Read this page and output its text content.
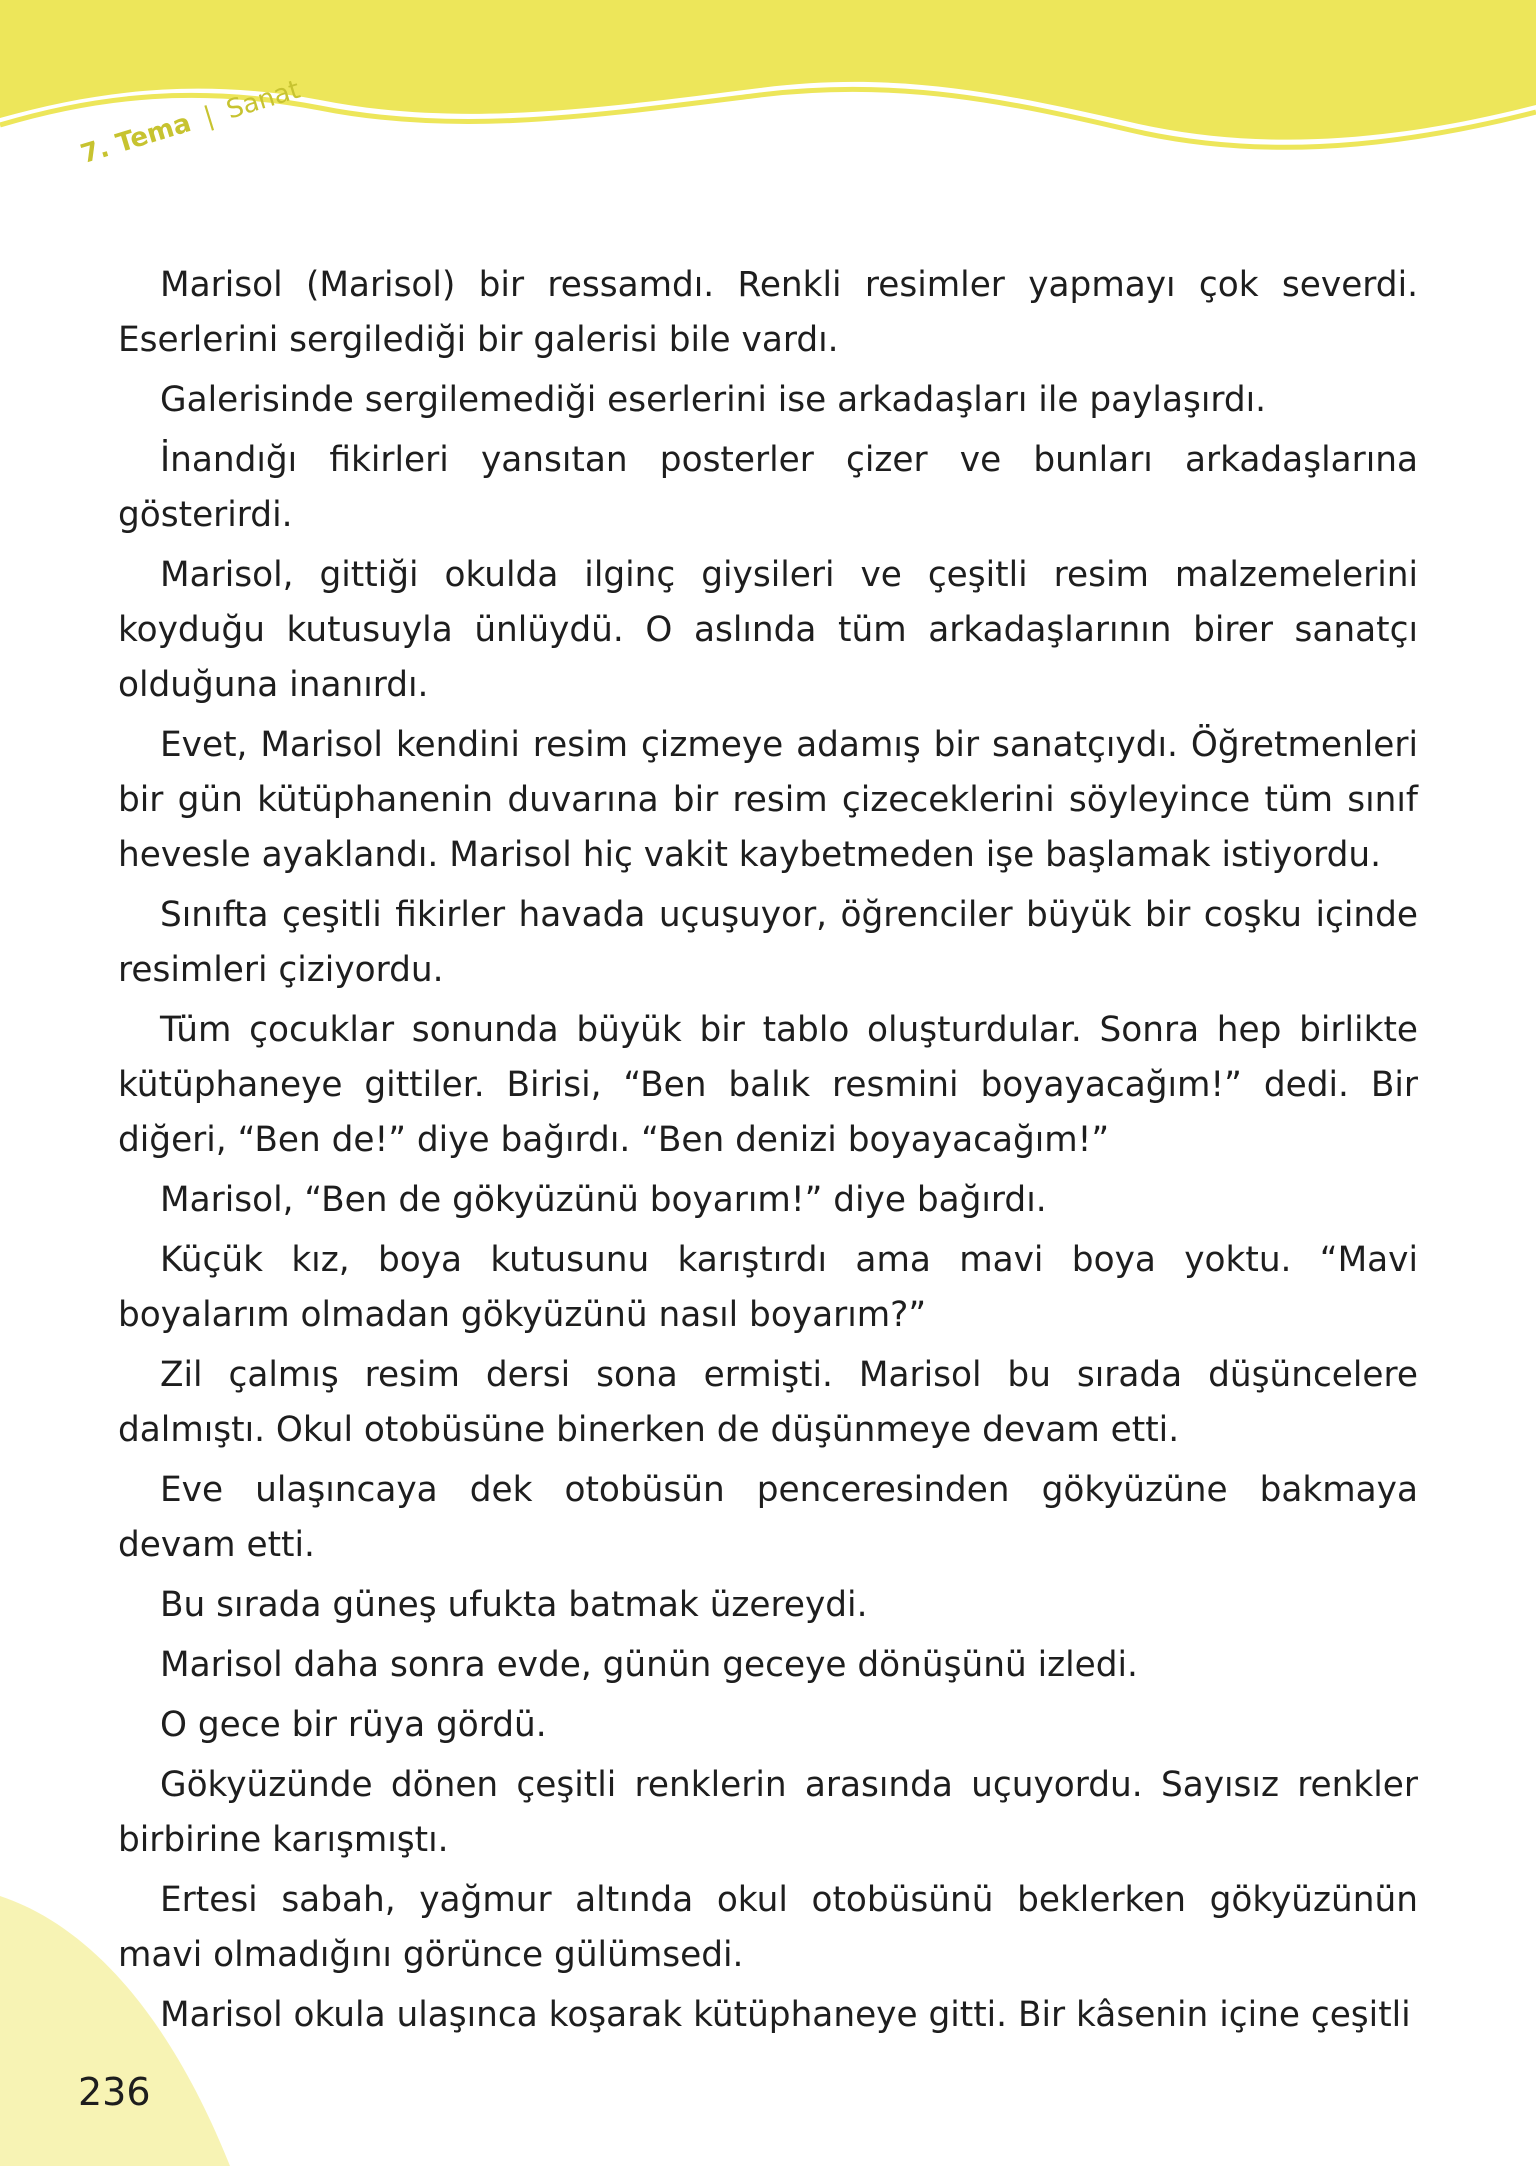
7. Tema | Sanat

Marisol (Marisol) bir ressamdı. Renkli resimler yapmayı çok severdi. Eserlerini sergilediği bir galerisi bile vardı.

Galerisinde sergilemediği eserlerini ise arkadaşları ile paylaşırdı.

İnandığı fikirleri yansıtan posterler çizer ve bunları arkadaşlarına gösterirdi.

Marisol, gittiği okulda ilginç giysileri ve çeşitli resim malzemelerini koyduğu kutusuyla ünlüydü. O aslında tüm arkadaşlarının birer sanatçı olduğuna inanırdı.

Evet, Marisol kendini resim çizmeye adamış bir sanatçıydı. Öğretmenleri bir gün kütüphanenin duvarına bir resim çizeceklerini söyleyince tüm sınıf hevesle ayaklandı. Marisol hiç vakit kaybetmeden işe başlamak istiyordu.

Sınıfta çeşitli fikirler havada uçuşuyor, öğrenciler büyük bir coşku içinde resimleri çiziyordu.

Tüm çocuklar sonunda büyük bir tablo oluşturdular. Sonra hep birlikte kütüphaneye gittiler. Birisi, “Ben balık resmini boyayacağım!” dedi. Bir diğeri, “Ben de!” diye bağırdı. “Ben denizi boyayacağım!”

Marisol, “Ben de gökyüzünü boyarım!” diye bağırdı.

Küçük kız, boya kutusunu karıştırdı ama mavi boya yoktu. “Mavi boyalarım olmadan gökyüzünü nasıl boyarım?”

Zil çalmış resim dersi sona ermişti. Marisol bu sırada düşüncelere dalmıştı. Okul otobüsüne binerken de düşünmeye devam etti.

Eve ulaşıncaya dek otobüsün penceresinden gökyüzüne bakmaya devam etti.

Bu sırada güneş ufukta batmak üzereydi.

Marisol daha sonra evde, günün geceye dönüşünü izledi.

O gece bir rüya gördü.

Gökyüzünde dönen çeşitli renklerin arasında uçuyordu. Sayısız renkler birbirine karışmıştı.

Ertesi sabah, yağmur altında okul otobüsünü beklerken gökyüzünün mavi olmadığını görünce gülümsedi.

Marisol okula ulaşınca koşarak kütüphaneye gitti. Bir kâsenin içine çeşitli

236
